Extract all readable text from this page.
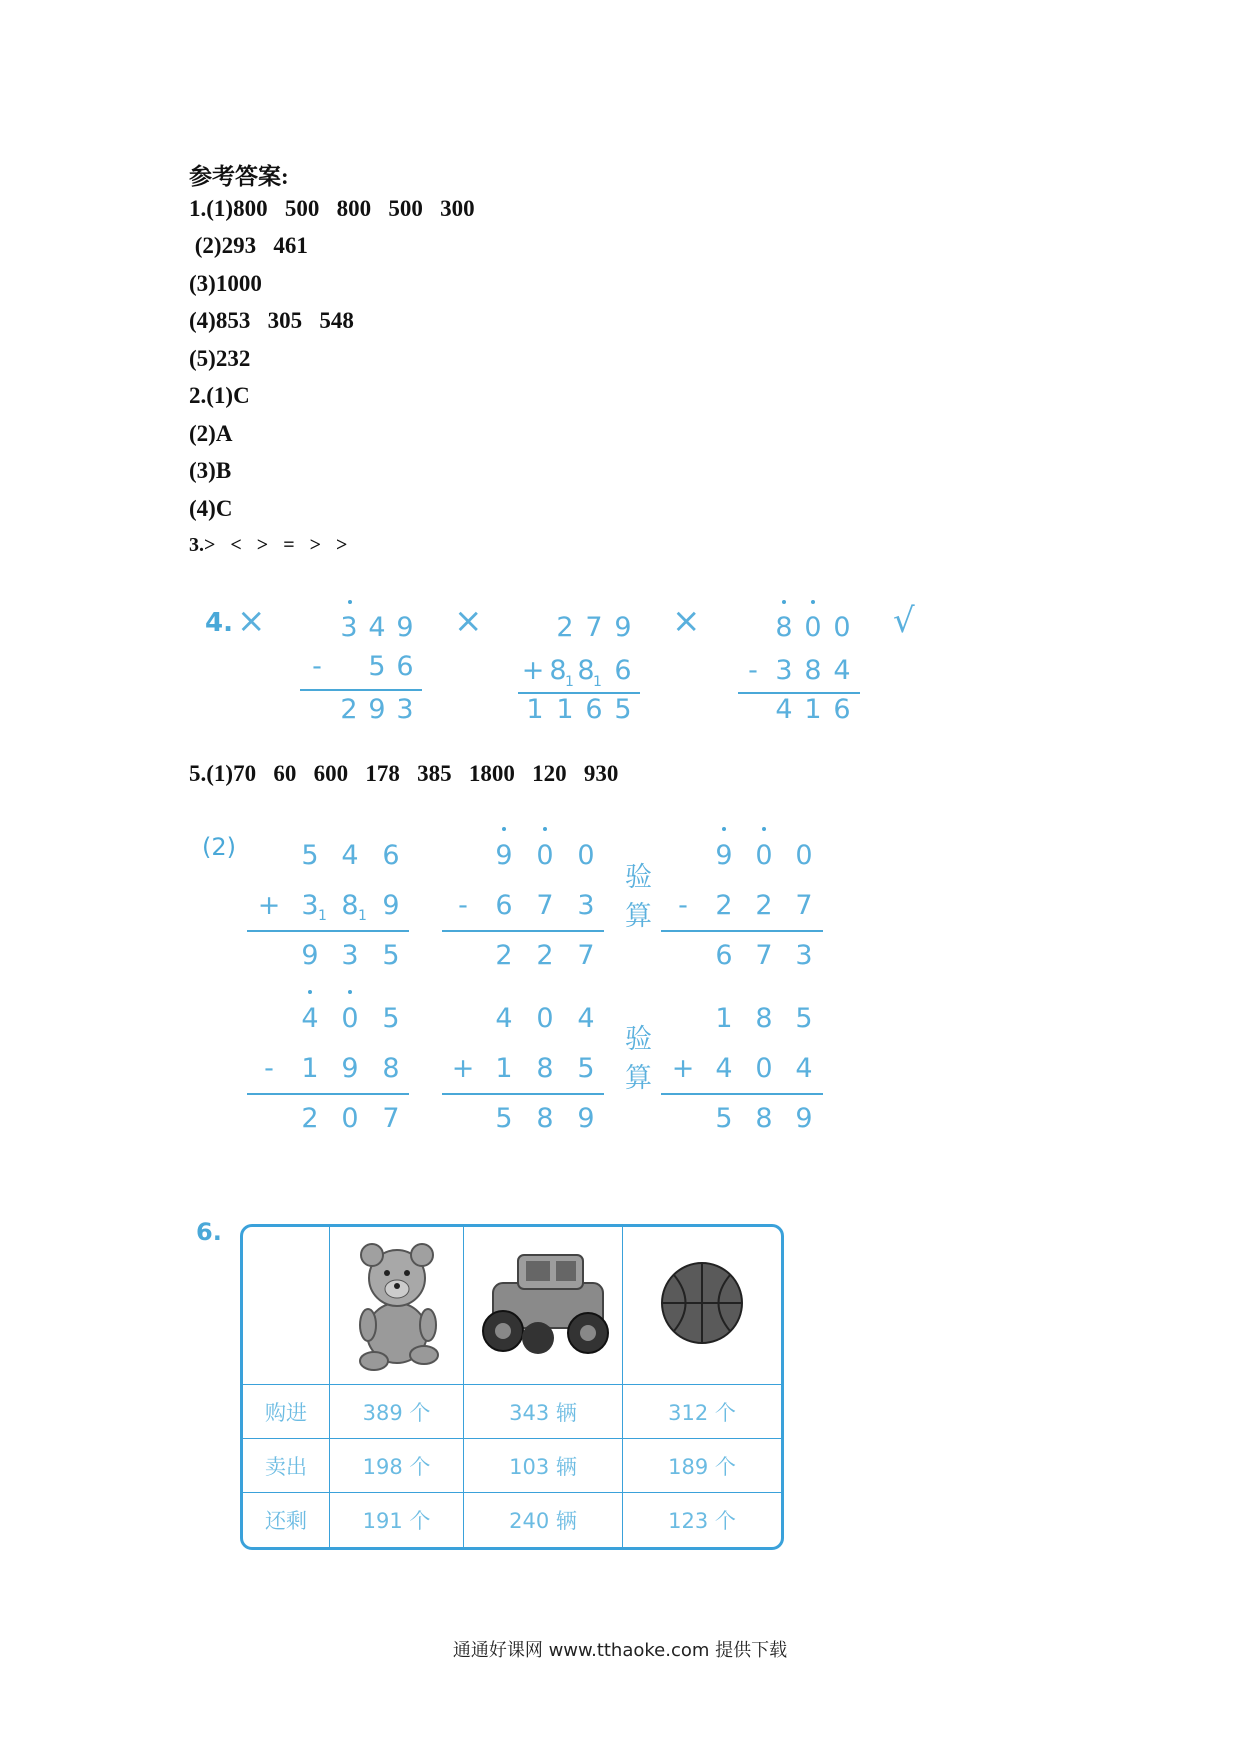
参考答案:
1.(1)800   500   800   500   300
(2)293   461
(3)1000
(4)853   305   548
(5)232
2.(1)C
(2)A
(3)B
(4)C
3.>   <   >   =   >   >
4. ×	×	×	√
3 4 9
-	5 6
2 9 3
2 7 9
+ 8
1 8
1 6
1 1 6 5
8 0 0
- 3 8 4
4 1 6
5.(1)70   60   600   178   385   1800   120   930
(2) 5 4 6
+ 3 1 8 1 9
9 3 5
9 0 0
-	6 7 3
2 2 7
验算
9 0 0
-	2 2 7
6 7 3
4 0 5
-	1 9 8
2 0 7
4 0 4
+ 1 8 5
5 8 9
验算
1 8 5
+ 4 0 4
5 8 9
6.

购进	389 个	343 辆	312 个
卖出	198 个	103 辆	189 个
还剩	191 个	240 辆	123 个
通通好课网 www.tthaoke.com 提供下载
